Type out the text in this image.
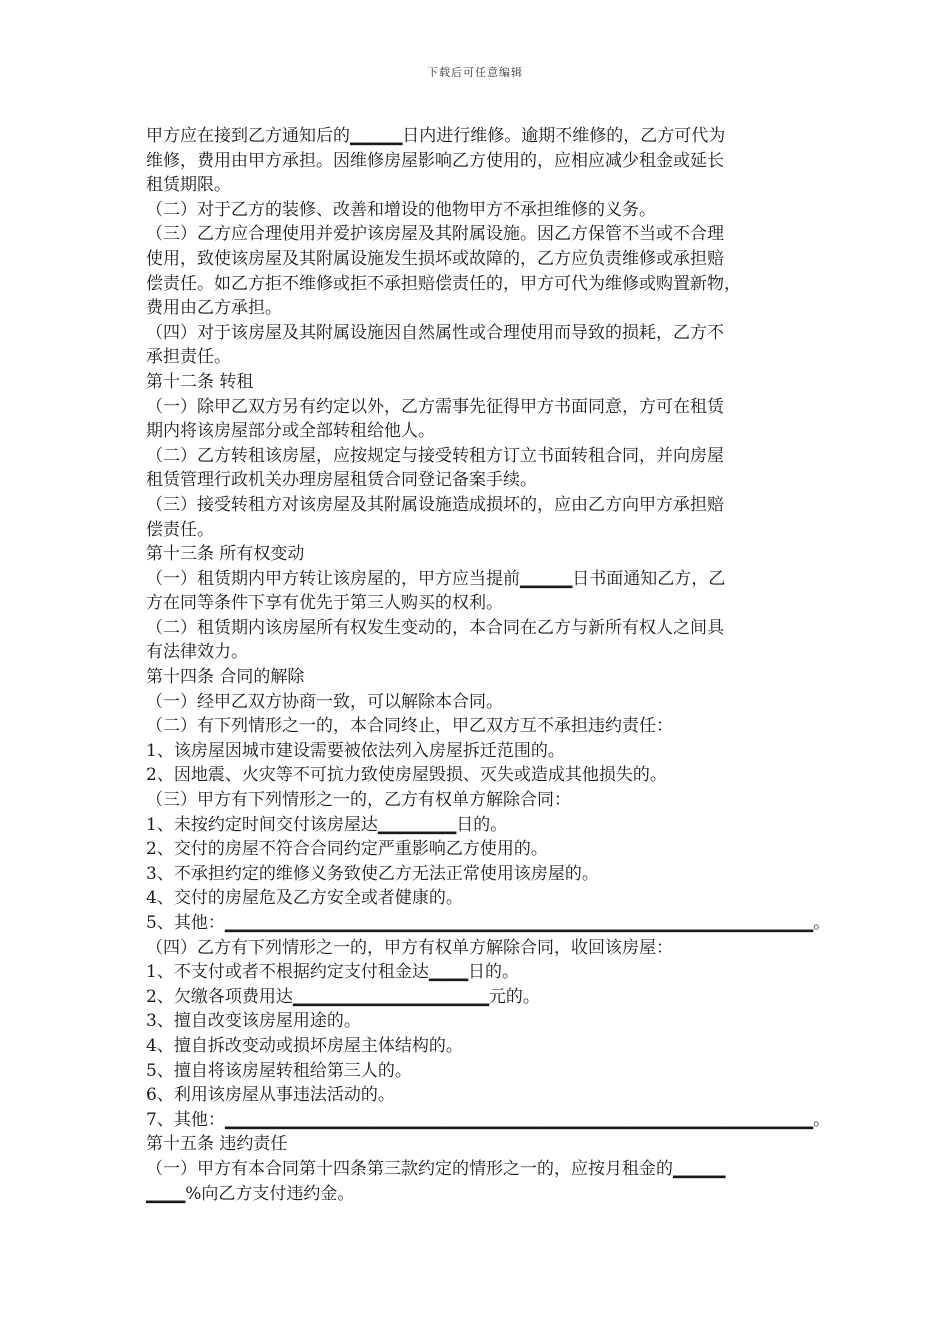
下载后可任意编辑

甲方应在接到乙方通知后的▁▁▁▁日内进行维修。逾期不维修的，乙方可代为

维修，费用由甲方承担。因维修房屋影响乙方使用的，应相应减少租金或延长

租赁期限。

（二）对于乙方的装修、改善和增设的他物甲方不承担维修的义务。

（三）乙方应合理使用并爱护该房屋及其附属设施。因乙方保管不当或不合理

使用，致使该房屋及其附属设施发生损坏或故障的，乙方应负责维修或承担赔

偿责任。如乙方拒不维修或拒不承担赔偿责任的，甲方可代为维修或购置新物，

费用由乙方承担。

（四）对于该房屋及其附属设施因自然属性或合理使用而导致的损耗，乙方不

承担责任。

第十二条 转租

（一）除甲乙双方另有约定以外，乙方需事先征得甲方书面同意，方可在租赁

期内将该房屋部分或全部转租给他人。

（二）乙方转租该房屋，应按规定与接受转租方订立书面转租合同，并向房屋

租赁管理行政机关办理房屋租赁合同登记备案手续。

（三）接受转租方对该房屋及其附属设施造成损坏的，应由乙方向甲方承担赔

偿责任。

第十三条 所有权变动

（一）租赁期内甲方转让该房屋的，甲方应当提前▁▁▁▁日书面通知乙方，乙

方在同等条件下享有优先于第三人购买的权利。

（二）租赁期内该房屋所有权发生变动的，本合同在乙方与新所有权人之间具

有法律效力。

第十四条 合同的解除

（一）经甲乙双方协商一致，可以解除本合同。

（二）有下列情形之一的，本合同终止，甲乙双方互不承担违约责任：

1、该房屋因城市建设需要被依法列入房屋拆迁范围的。

2、因地震、火灾等不可抗力致使房屋毁损、灭失或造成其他损失的。

（三）甲方有下列情形之一的，乙方有权单方解除合同：

1、未按约定时间交付该房屋达▁▁▁▁▁▁日的。

2、交付的房屋不符合合同约定严重影响乙方使用的。

3、不承担约定的维修义务致使乙方无法正常使用该房屋的。

4、交付的房屋危及乙方安全或者健康的。

5、其他：▁▁▁▁▁▁▁▁▁▁▁▁▁▁▁▁▁▁▁▁▁▁▁▁▁▁▁▁▁▁▁▁▁▁▁▁▁▁▁▁▁▁▁▁▁。

（四）乙方有下列情形之一的，甲方有权单方解除合同，收回该房屋：

1、不支付或者不根据约定支付租金达▁▁▁日的。

2、欠缴各项费用达▁▁▁▁▁▁▁▁▁▁▁▁▁▁▁元的。

3、擅自改变该房屋用途的。

4、擅自拆改变动或损坏房屋主体结构的。

5、擅自将该房屋转租给第三人的。

6、利用该房屋从事违法活动的。

7、其他：▁▁▁▁▁▁▁▁▁▁▁▁▁▁▁▁▁▁▁▁▁▁▁▁▁▁▁▁▁▁▁▁▁▁▁▁▁▁▁▁▁▁▁▁▁。

第十五条 违约责任

（一）甲方有本合同第十四条第三款约定的情形之一的，应按月租金的▁▁▁▁

▁▁▁%向乙方支付违约金。
